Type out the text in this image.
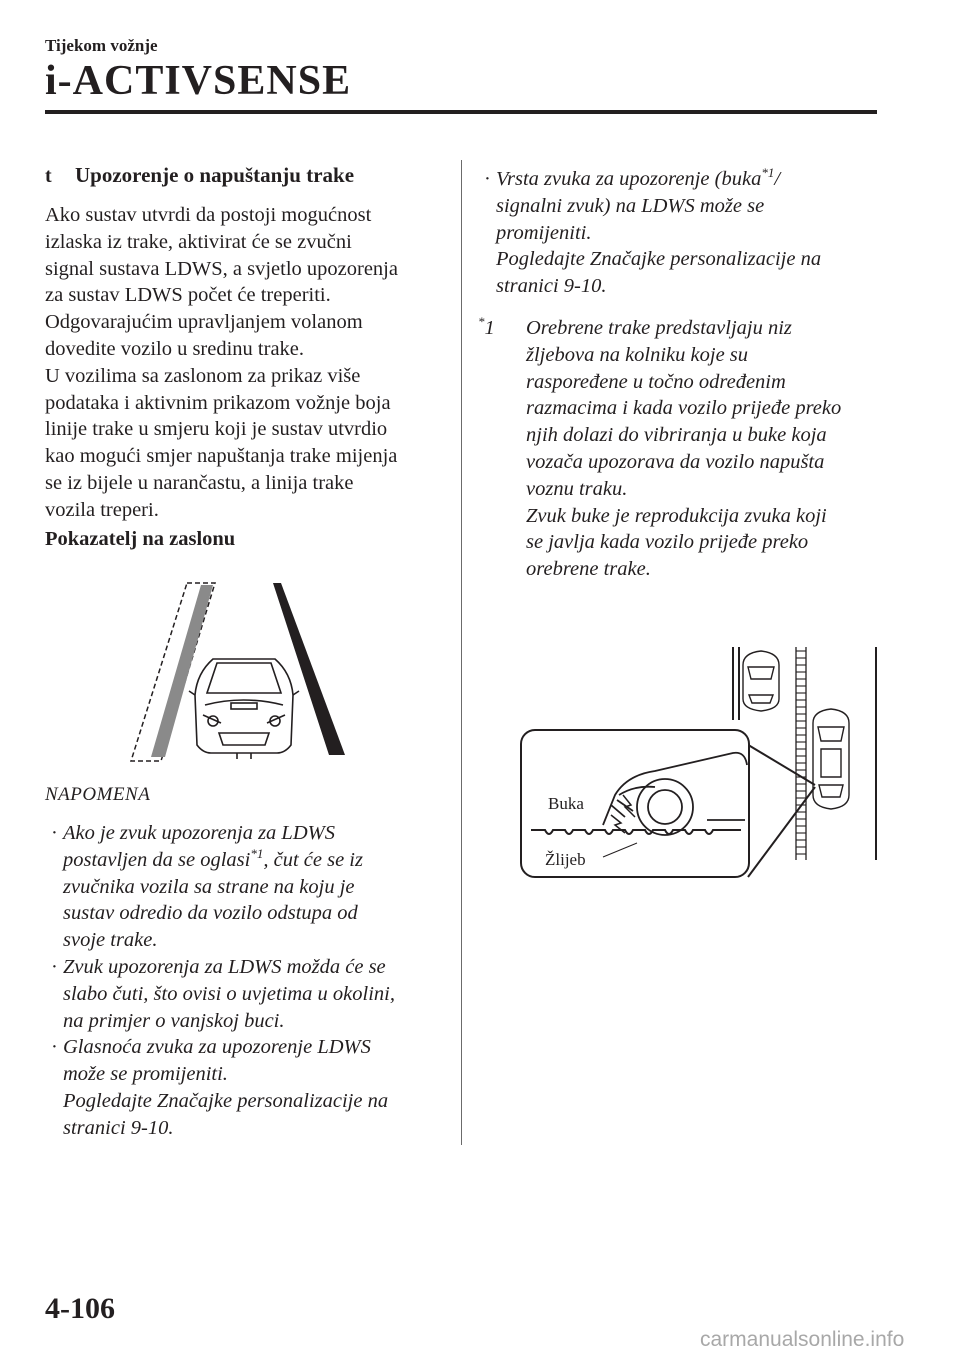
Tijekom vožnje
i-ACTIVSENSE
t Upozorenje o napuštanju trake

Ako sustav utvrdi da postoji mogućnost

izlaska iz trake, aktivirat će se zvučni

signal sustava LDWS, a svjetlo upozorenja

za sustav LDWS počet će treperiti.

Odgovarajućim upravljanjem volanom

dovedite vozilo u sredinu trake.

U vozilima sa zaslonom za prikaz više

podataka i aktivnim prikazom vožnje boja

linije trake u smjeru koji je sustav utvrdio

kao mogući smjer napuštanja trake mijenja

se iz bijele u narančastu, a linija trake

vozila treperi.

Pokazatelj na zaslonu
NAPOMENA
· Ako je zvuk upozorenja za LDWS

postavljen da se oglasi$^{*1}$, čut će se iz

zvučnika vozila sa strane na koju je

sustav odredio da vozilo odstupa od

svoje trake.

· Zvuk upozorenja za LDWS možda će se

slabo čuti, što ovisi o uvjetima u okolini,

na primjer o vanjskoj buci.

· Glasnoća zvuka za upozorenje LDWS

može se promijeniti.

Pogledajte Značajke personalizacije na

stranici 9-10.

· Vrsta zvuka za upozorenje (buka$^{*1}$/

signalni zvuk) na LDWS može se

promijeniti.

Pogledajte Značajke personalizacije na

stranici 9-10.

*1	Orebrene trake predstavljaju niz

žljebova na kolniku koje su

raspoređene u točno određenim

razmacima i kada vozilo prijeđe preko

njih dolazi do vibriranja u buke koja

vozača upozorava da vozilo napušta

voznu traku.

Zvuk buke je reprodukcija zvuka koji

se javlja kada vozilo prijeđe preko

orebrene trake.

Buka
Žlijeb
4-106
carmanualsonline.info
